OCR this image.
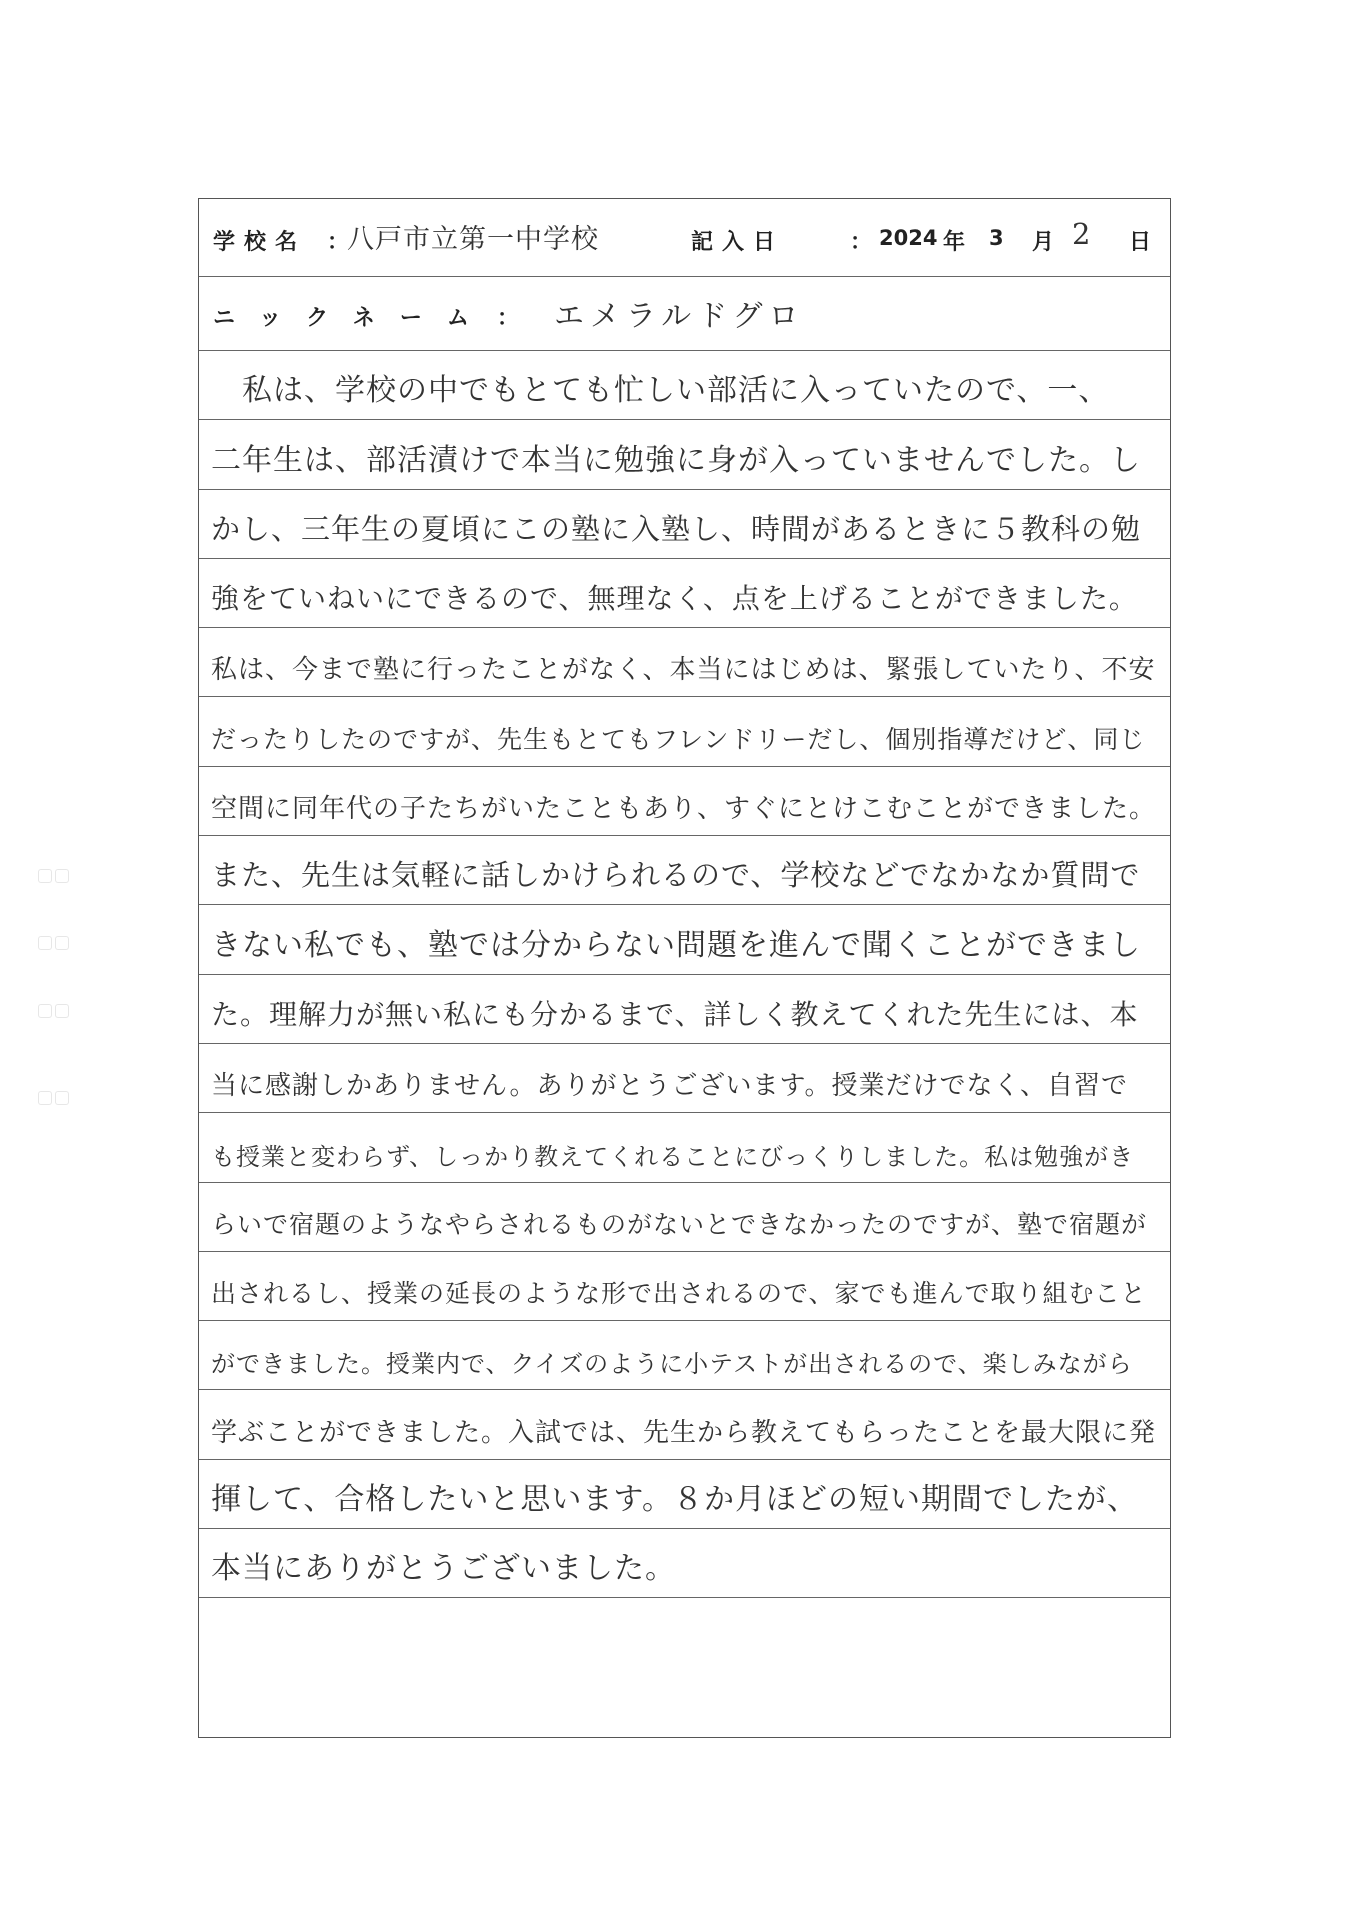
学校名 ：
八戸市立第一中学校	記入日	： 2024 年 3 月 2 日
ニックネーム ： エメラルドグロ
　私は、学校の中でもとても忙しい部活に入っていたので、一、
二年生は、部活漬けで本当に勉強に身が入っていませんでした。し
かし、三年生の夏頃にこの塾に入塾し、時間があるときに５教科の勉
強をていねいにできるので、無理なく、点を上げることができました。
私は、今まで塾に行ったことがなく、本当にはじめは、緊張していたり、不安
だったりしたのですが、先生もとてもフレンドリーだし、個別指導だけど、同じ
空間に同年代の子たちがいたこともあり、すぐにとけこむことができました。
また、先生は気軽に話しかけられるので、学校などでなかなか質問で
きない私でも、塾では分からない問題を進んで聞くことができまし
た。理解力が無い私にも分かるまで、詳しく教えてくれた先生には、本
当に感謝しかありません。ありがとうございます。授業だけでなく、自習で
も授業と変わらず、しっかり教えてくれることにびっくりしました。私は勉強がき
らいで宿題のようなやらされるものがないとできなかったのですが、塾で宿題が
出されるし、授業の延長のような形で出されるので、家でも進んで取り組むこと
ができました。授業内で、クイズのように小テストが出されるので、楽しみながら
学ぶことができました。入試では、先生から教えてもらったことを最大限に発
揮して、合格したいと思います。８か月ほどの短い期間でしたが、
本当にありがとうございました。
